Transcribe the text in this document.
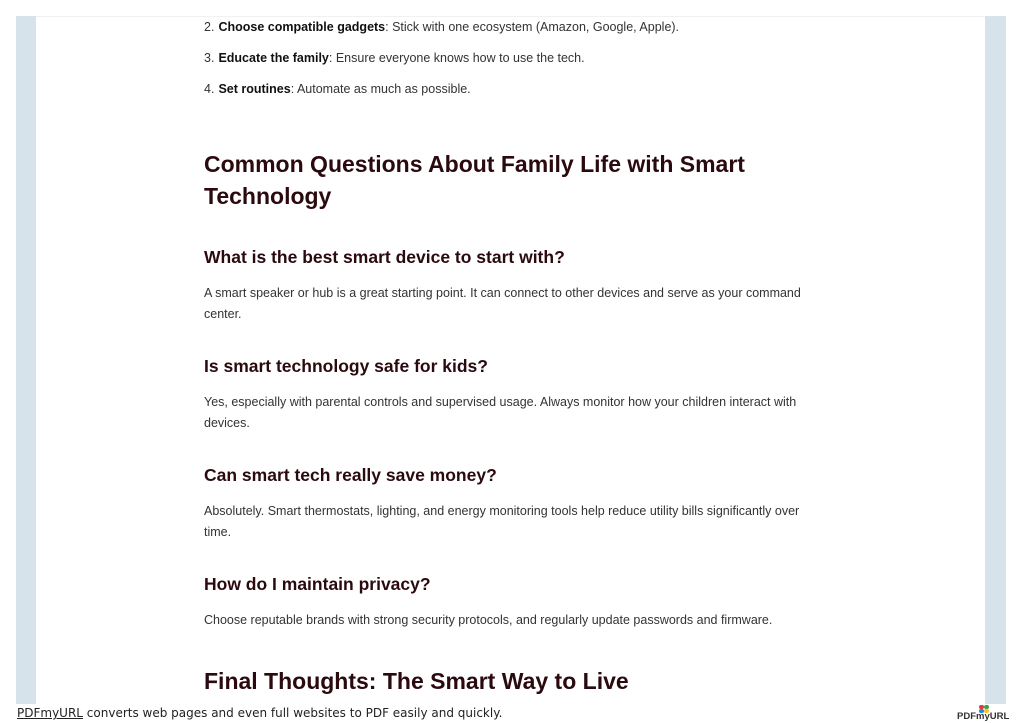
2. Choose compatible gadgets: Stick with one ecosystem (Amazon, Google, Apple).
3. Educate the family: Ensure everyone knows how to use the tech.
4. Set routines: Automate as much as possible.
Common Questions About Family Life with Smart Technology
What is the best smart device to start with?

A smart speaker or hub is a great starting point. It can connect to other devices and serve as your command center.

Is smart technology safe for kids?

Yes, especially with parental controls and supervised usage. Always monitor how your children interact with devices.

Can smart tech really save money?

Absolutely. Smart thermostats, lighting, and energy monitoring tools help reduce utility bills significantly over time.

How do I maintain privacy?

Choose reputable brands with strong security protocols, and regularly update passwords and firmware.

Final Thoughts: The Smart Way to Live
PDFmyURL converts web pages and even full websites to PDF easily and quickly.	PDFmyURL
